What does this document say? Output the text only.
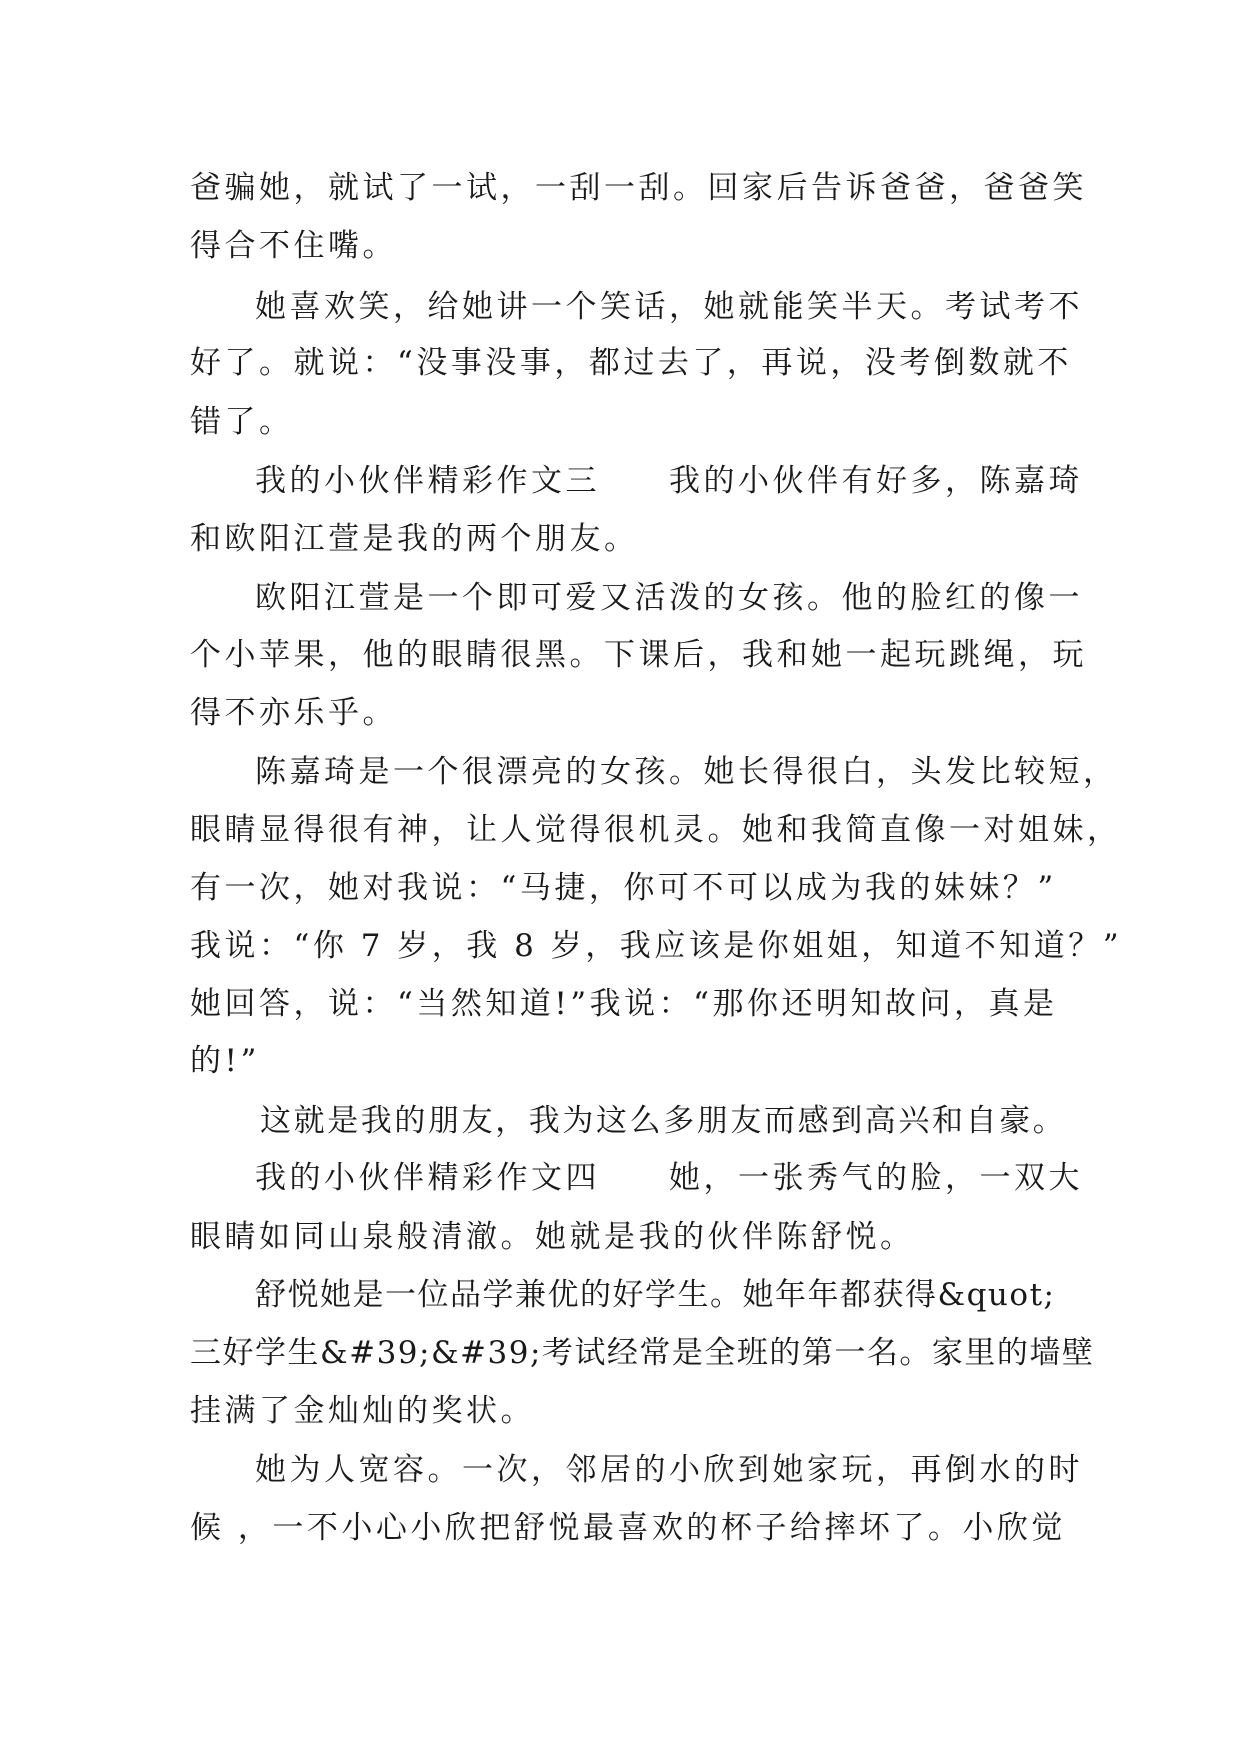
爸骗她，就试了一试，一刮一刮。回家后告诉爸爸，爸爸笑
得合不住嘴。
她喜欢笑，给她讲一个笑话，她就能笑半天。考试考不
好了。就说：“没事没事，都过去了，再说，没考倒数就不
错了。
我的小伙伴精彩作文三　　我的小伙伴有好多，陈嘉琦
和欧阳江萱是我的两个朋友。
欧阳江萱是一个即可爱又活泼的女孩。他的脸红的像一
个小苹果，他的眼睛很黑。下课后，我和她一起玩跳绳，玩
得不亦乐乎。
陈嘉琦是一个很漂亮的女孩。她长得很白，头发比较短，
眼睛显得很有神，让人觉得很机灵。她和我简直像一对姐妹，
有一次，她对我说：“马捷，你可不可以成为我的妹妹？”
我说：“你 7 岁，我 8 岁，我应该是你姐姐，知道不知道？”
她回答，说：“当然知道!”我说：“那你还明知故问，真是
的!”
这就是我的朋友，我为这么多朋友而感到高兴和自豪。
我的小伙伴精彩作文四　　她，一张秀气的脸，一双大
眼睛如同山泉般清澈。她就是我的伙伴陈舒悦。
舒悦她是一位品学兼优的好学生。她年年都获得&quot;
三好学生&#39;&#39;考试经常是全班的第一名。家里的墙壁
挂满了金灿灿的奖状。
她为人宽容。一次，邻居的小欣到她家玩，再倒水的时
候 ，一不小心小欣把舒悦最喜欢的杯子给摔坏了。小欣觉
